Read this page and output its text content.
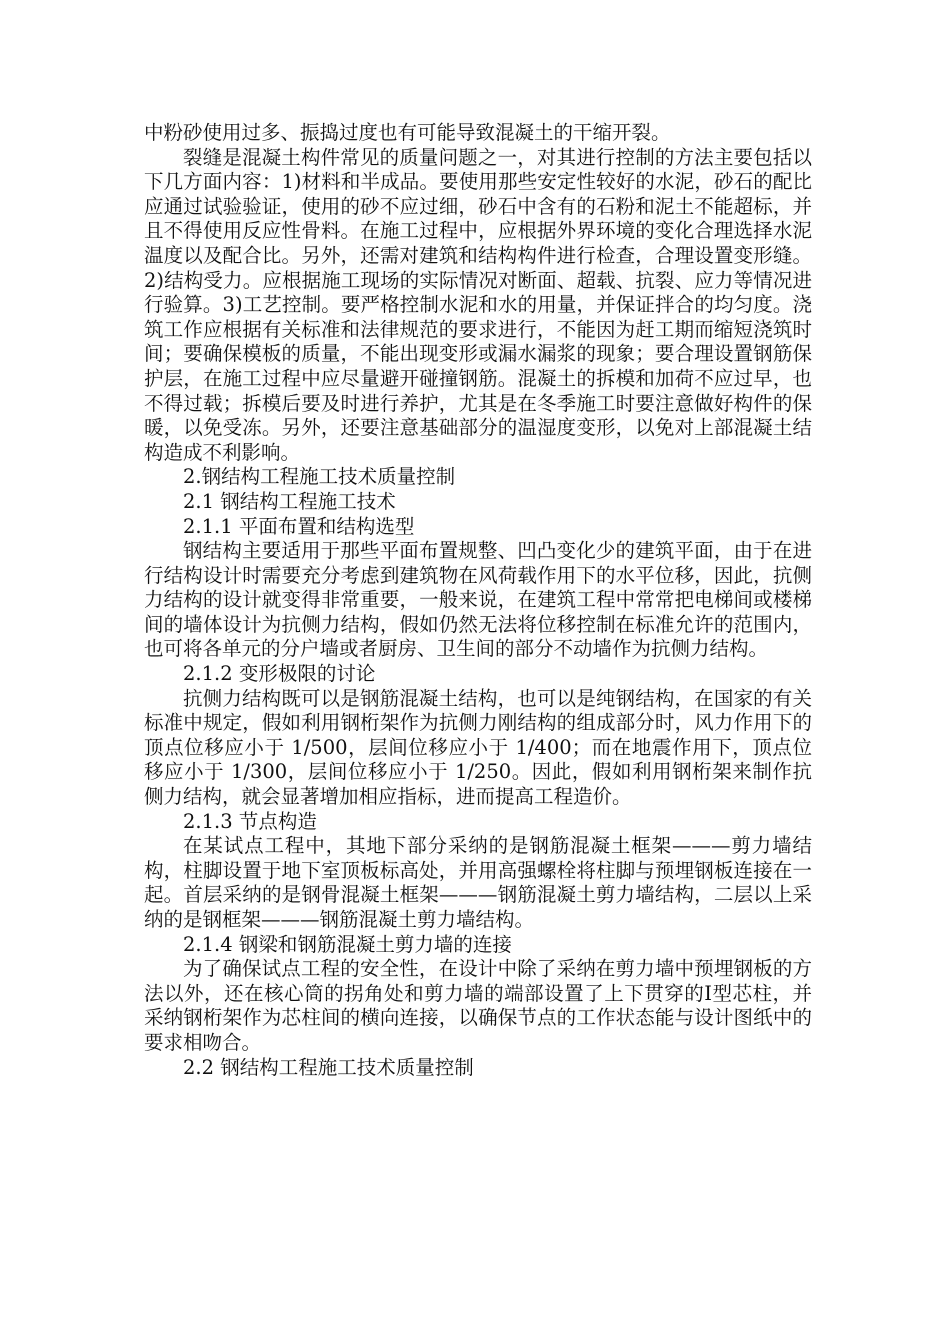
中粉砂使用过多、振捣过度也有可能导致混凝土的干缩开裂。

裂缝是混凝土构件常见的质量问题之一，对其进行控制的方法主要包括以下几方面内容：1)材料和半成品。要使用那些安定性较好的水泥，砂石的配比应通过试验验证，使用的砂不应过细，砂石中含有的石粉和泥土不能超标，并且不得使用反应性骨料。在施工过程中，应根据外界环境的变化合理选择水泥温度以及配合比。另外，还需对建筑和结构构件进行检查，合理设置变形缝。2)结构受力。应根据施工现场的实际情况对断面、超载、抗裂、应力等情况进行验算。3)工艺控制。要严格控制水泥和水的用量，并保证拌合的均匀度。浇筑工作应根据有关标准和法律规范的要求进行，不能因为赶工期而缩短浇筑时间；要确保模板的质量，不能出现变形或漏水漏浆的现象；要合理设置钢筋保护层，在施工过程中应尽量避开碰撞钢筋。混凝土的拆模和加荷不应过早，也不得过载；拆模后要及时进行养护，尤其是在冬季施工时要注意做好构件的保暖，以免受冻。另外，还要注意基础部分的温湿度变形，以免对上部混凝土结构造成不利影响。

2.钢结构工程施工技术质量控制

2.1 钢结构工程施工技术

2.1.1 平面布置和结构选型

钢结构主要适用于那些平面布置规整、凹凸变化少的建筑平面，由于在进行结构设计时需要充分考虑到建筑物在风荷载作用下的水平位移，因此，抗侧力结构的设计就变得非常重要，一般来说，在建筑工程中常常把电梯间或楼梯间的墙体设计为抗侧力结构，假如仍然无法将位移控制在标准允许的范围内，也可将各单元的分户墙或者厨房、卫生间的部分不动墙作为抗侧力结构。

2.1.2 变形极限的讨论

抗侧力结构既可以是钢筋混凝土结构，也可以是纯钢结构，在国家的有关标准中规定，假如利用钢桁架作为抗侧力刚结构的组成部分时，风力作用下的顶点位移应小于 1/500，层间位移应小于 1/400；而在地震作用下，顶点位移应小于 1/300，层间位移应小于 1/250。因此，假如利用钢桁架来制作抗侧力结构，就会显著增加相应指标，进而提高工程造价。

2.1.3 节点构造

在某试点工程中，其地下部分采纳的是钢筋混凝土框架———剪力墙结构，柱脚设置于地下室顶板标高处，并用高强螺栓将柱脚与预埋钢板连接在一起。首层采纳的是钢骨混凝土框架———钢筋混凝土剪力墙结构，二层以上采纳的是钢框架———钢筋混凝土剪力墙结构。

2.1.4 钢梁和钢筋混凝土剪力墙的连接

为了确保试点工程的安全性，在设计中除了采纳在剪力墙中预埋钢板的方法以外，还在核心筒的拐角处和剪力墙的端部设置了上下贯穿的Ⅰ型芯柱，并采纳钢桁架作为芯柱间的横向连接，以确保节点的工作状态能与设计图纸中的要求相吻合。

2.2 钢结构工程施工技术质量控制
